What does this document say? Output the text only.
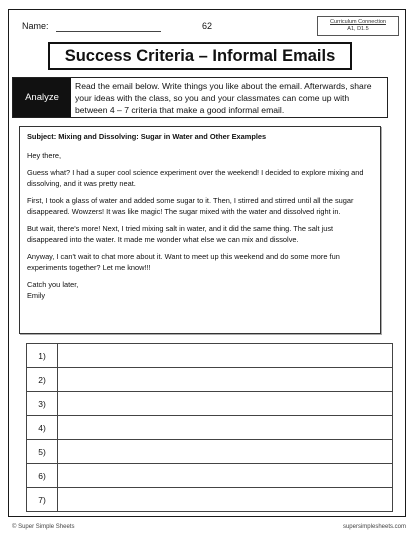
Name:	62	Curriculum Connection
A1, D1.5
Success Criteria – Informal Emails
Analyze
Read the email below. Write things you like about the email. Afterwards, share your ideas with the class, so you and your classmates can come up with between 4 – 7 criteria that make a good informal email.

Subject: Mixing and Dissolving: Sugar in Water and Other Examples

Hey there,

Guess what? I had a super cool science experiment over the weekend! I decided to explore mixing and dissolving, and it was pretty neat.

First, I took a glass of water and added some sugar to it. Then, I stirred and stirred until all the sugar disappeared. Wowzers! It was like magic! The sugar mixed with the water and dissolved right in.

But wait, there's more! Next, I tried mixing salt in water, and it did the same thing. The salt just disappeared into the water. It made me wonder what else we can mix and dissolve.

Anyway, I can't wait to chat more about it. Want to meet up this weekend and do some more fun experiments together? Let me know!!!

Catch you later,

Emily

1)	
2)	
3)	
4)	
5)	
6)	
7)	
© Super Simple Sheets	supersimplesheets.com
